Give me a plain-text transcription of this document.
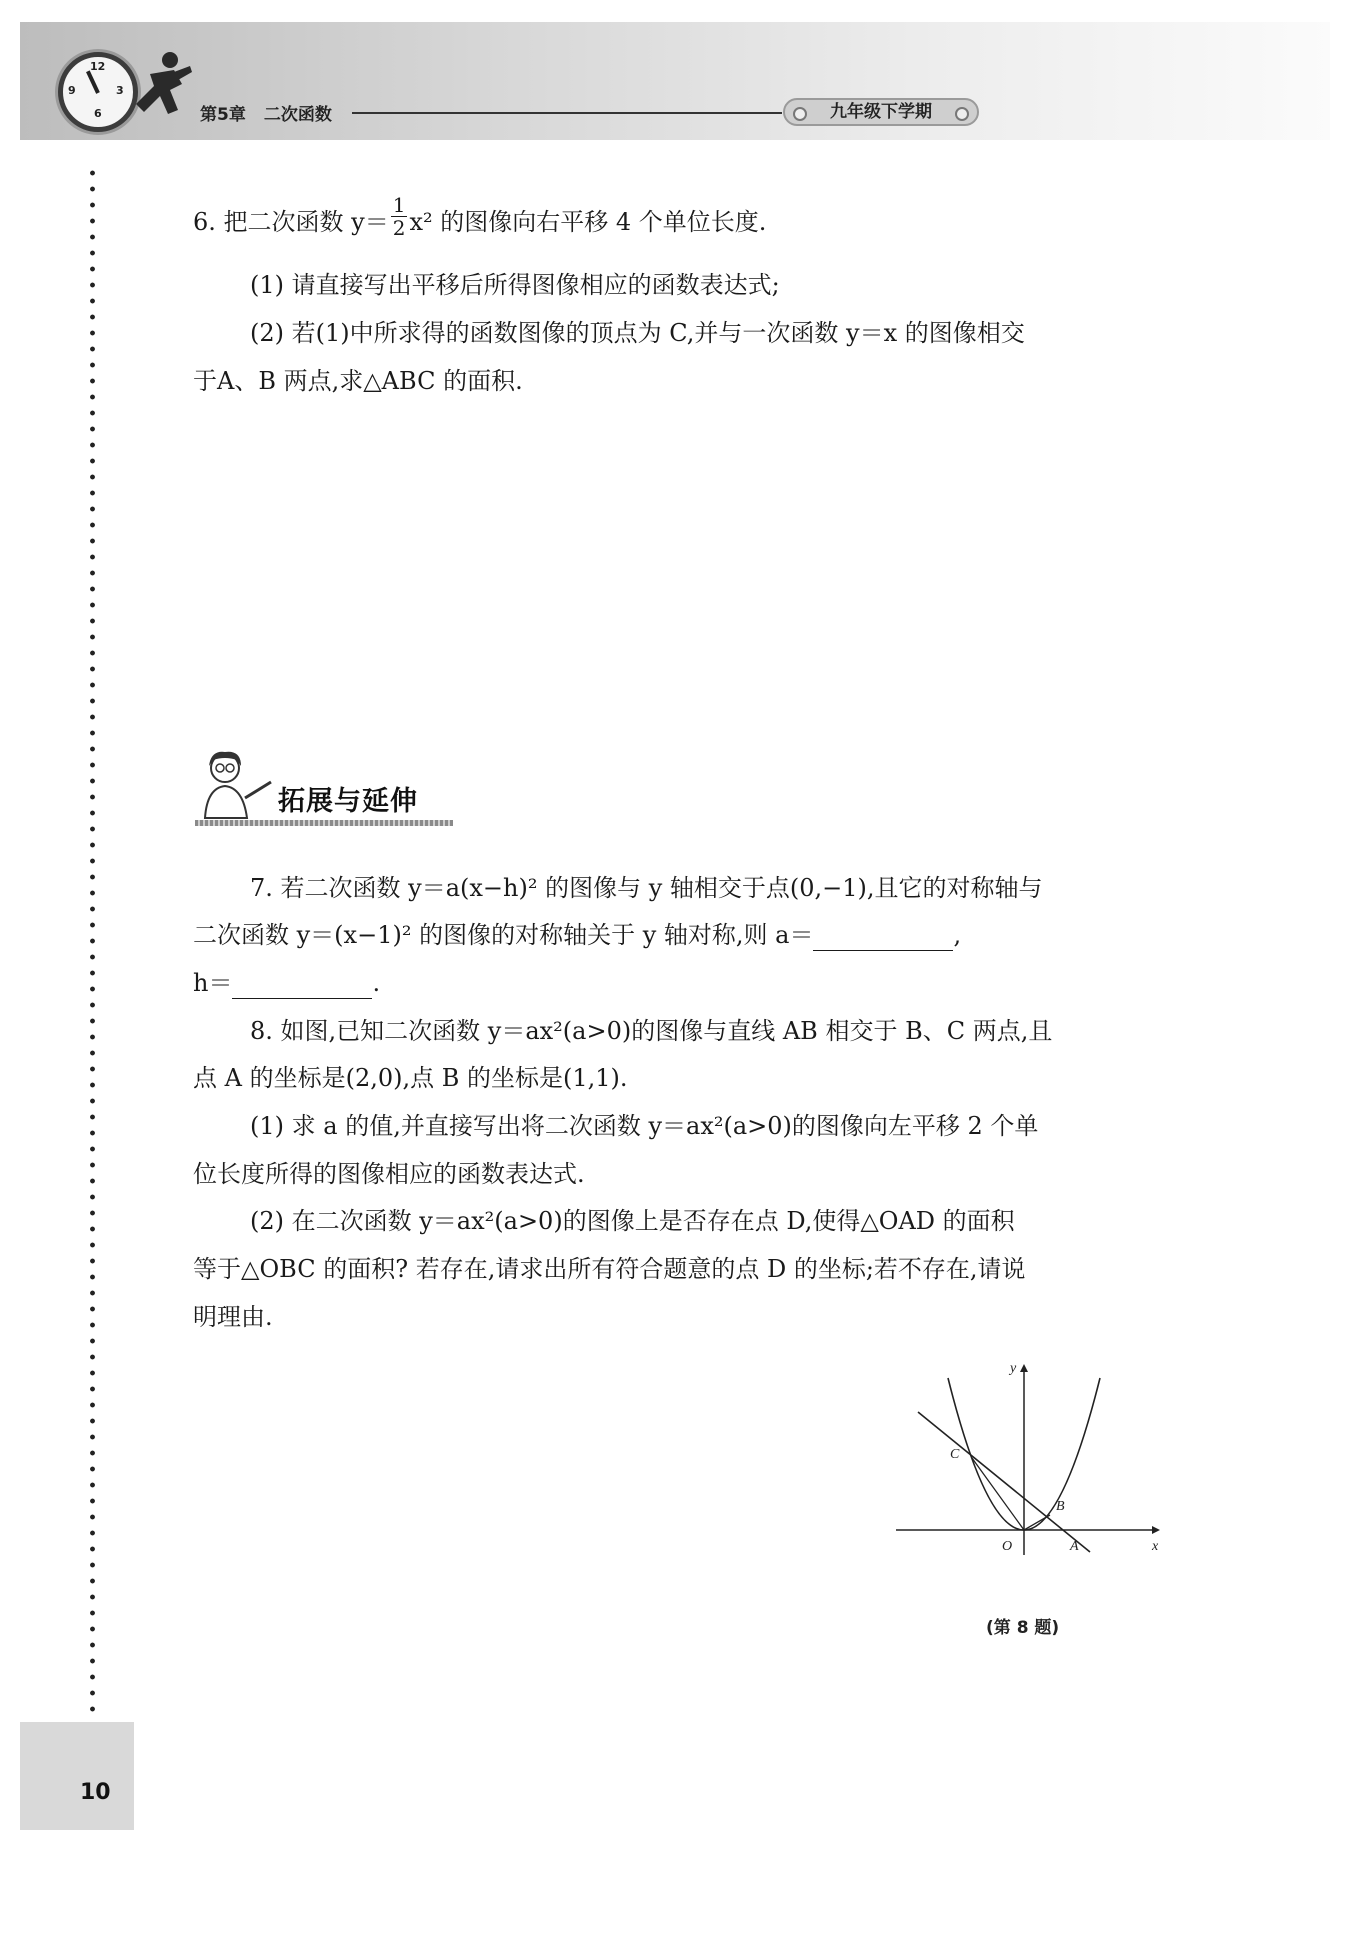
12
3
6
9
第5章 二次函数	九年级下学期
6. 把二次函数 $y= \frac{1}{2} x^2$ 的图像向右平移 4 个单位长度.
(1) 请直接写出平移后所得图像相应的函数表达式;
(2) 若(1)中所求得的函数图像的顶点为 C,并与一次函数 y＝x 的图像相交
于A、B 两点,求△ABC 的面积.
拓展与延伸
7. 若二次函数 y＝a(x−h)² 的图像与 y 轴相交于点(0,−1),且它的对称轴与
二次函数 y＝(x−1)² 的图像的对称轴关于 y 轴对称,则 a＝	,
h＝	.
8. 如图,已知二次函数 y＝ax²(a>0)的图像与直线 AB 相交于 B、C 两点,且
点 A 的坐标是(2,0),点 B 的坐标是(1,1).
(1) 求 a 的值,并直接写出将二次函数 y＝ax²(a>0)的图像向左平移 2 个单
位长度所得的图像相应的函数表达式.
(2) 在二次函数 y＝ax²(a>0)的图像上是否存在点 D,使得△OAD 的面积
等于△OBC 的面积? 若存在,请求出所有符合题意的点 D 的坐标;若不存在,请说
明理由.
y
x
O	A
B
C
(第 8 题)
10
